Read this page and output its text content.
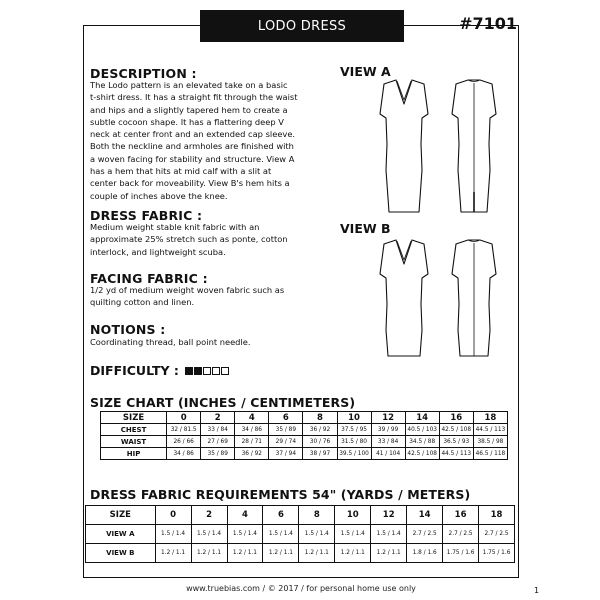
LODO DRESS	#7101
DESCRIPTION :
The Lodo pattern is an elevated take on a basic
t-shirt dress. It has a straight fit through the waist
and hips and a slightly tapered hem to create a
subtle cocoon shape. It has a flattering deep V
neck at center front and an extended cap sleeve.
Both the neckline and armholes are finished with
a woven facing for stability and structure. View A
has a hem that hits at mid calf with a slit at
center back for moveability. View B's hem hits a
couple of inches above the knee.
DRESS FABRIC :
Medium weight stable knit fabric with an
approximate 25% stretch such as ponte, cotton
interlock, and lightweight scuba.
FACING FABRIC :
1/2 yd of medium weight woven fabric such as
quilting cotton and linen.
NOTIONS :
Coordinating thread, ball point needle.
DIFFICULTY :
VIEW A
VIEW B
SIZE CHART (INCHES / CENTIMETERS)
SIZE	0	2	4	6	8	10	12	14	16	18
CHEST	32 / 81.5	33 / 84	34 / 86	35 / 89	36 / 92	37.5 / 95	39 / 99	40.5 / 103	42.5 / 108	44.5 / 113
WAIST	26 / 66	27 / 69	28 / 71	29 / 74	30 / 76	31.5 / 80	33 / 84	34.5 / 88	36.5 / 93	38.5 / 98
HIP	34 / 86	35 / 89	36 / 92	37 / 94	38 / 97	39.5 / 100	41 / 104	42.5 / 108	44.5 / 113	46.5 / 118
DRESS FABRIC REQUIREMENTS 54" (YARDS / METERS)
SIZE	0	2	4	6	8	10	12	14	16	18
VIEW A	1.5 / 1.4	1.5 / 1.4	1.5 / 1.4	1.5 / 1.4	1.5 / 1.4	1.5 / 1.4	1.5 / 1.4	2.7 / 2.5	2.7 / 2.5	2.7 / 2.5
VIEW B	1.2 / 1.1	1.2 / 1.1	1.2 / 1.1	1.2 / 1.1	1.2 / 1.1	1.2 / 1.1	1.2 / 1.1	1.8 / 1.6	1.75 / 1.6	1.75 / 1.6
www.truebias.com / © 2017 / for personal home use only	1
